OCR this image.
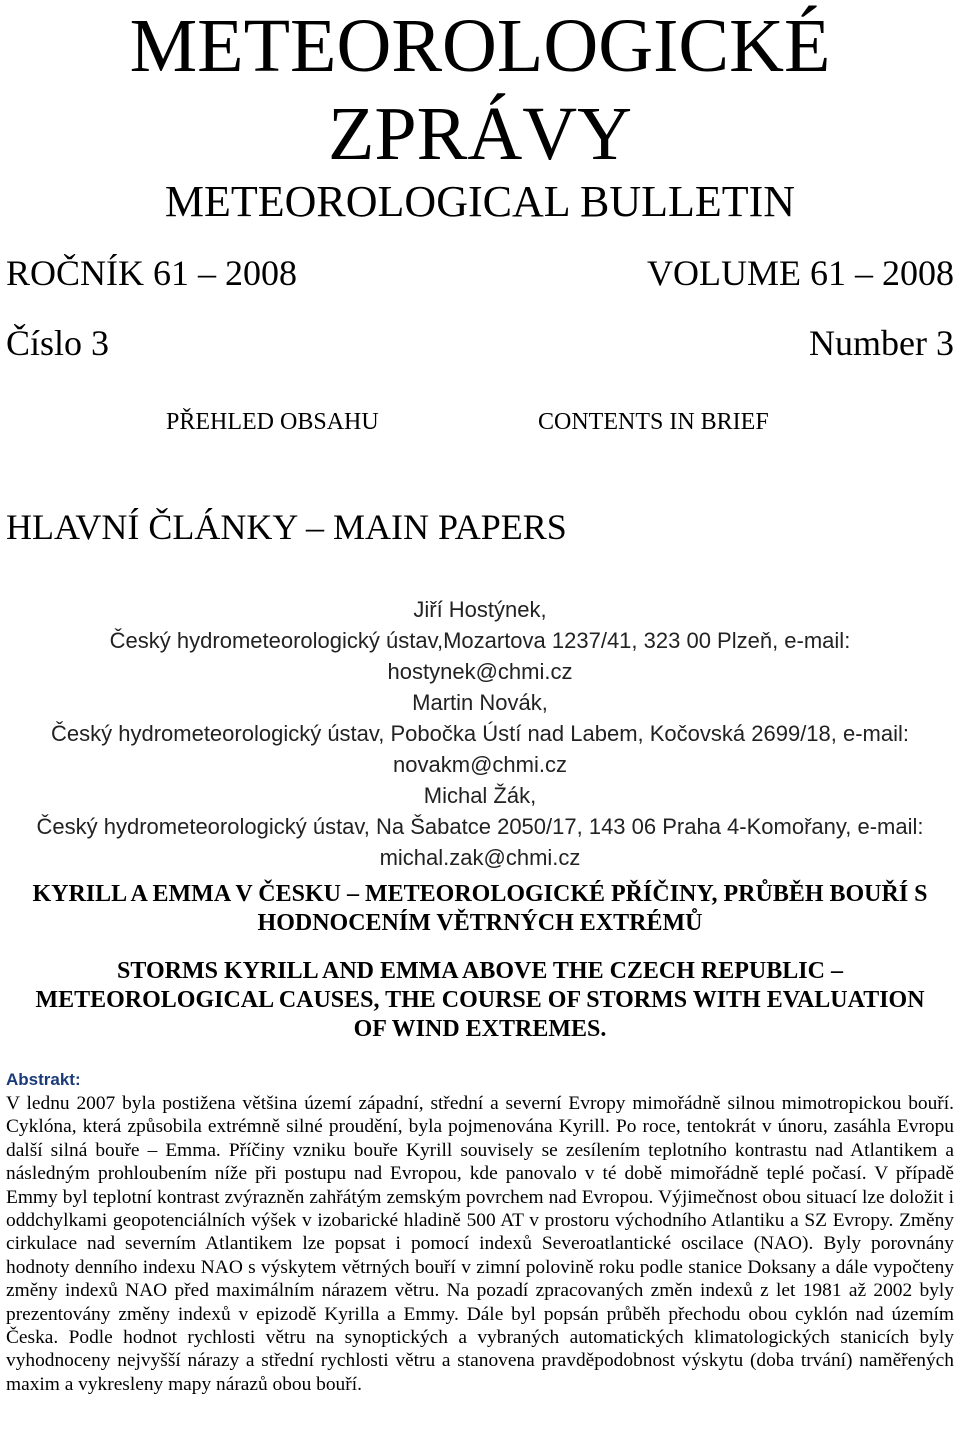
METEOROLOGICKÉ
ZPRÁVY
METEOROLOGICAL BULLETIN
ROČNÍK 61 – 2008	VOLUME 61 – 2008
Číslo 3	Number 3
PŘEHLED OBSAHU	CONTENTS IN BRIEF
HLAVNÍ ČLÁNKY – MAIN PAPERS
Jiří Hostýnek,
Český hydrometeorologický ústav,Mozartova 1237/41, 323 00 Plzeň, e-mail:
hostynek@chmi.cz
Martin Novák,
Český hydrometeorologický ústav, Pobočka Ústí nad Labem, Kočovská 2699/18, e-mail:
novakm@chmi.cz
Michal Žák,
Český hydrometeorologický ústav, Na Šabatce 2050/17, 143 06 Praha 4-Komořany, e-mail:
michal.zak@chmi.cz
KYRILL A EMMA V ČESKU – METEOROLOGICKÉ PŘÍČINY, PRŮBĚH BOUŘÍ S
HODNOCENÍM VĚTRNÝCH EXTRÉMŮ
STORMS KYRILL AND EMMA ABOVE THE CZECH REPUBLIC –
METEOROLOGICAL CAUSES, THE COURSE OF STORMS WITH EVALUATION
OF WIND EXTREMES.
Abstrakt:

V lednu 2007 byla postižena většina území západní, střední a severní Evropy mimořádně silnou mimotropickou bouří. Cyklóna, která způsobila extrémně silné proudění, byla pojmenována Kyrill. Po roce, tentokrát v únoru, zasáhla Evropu další silná bouře – Emma. Příčiny vzniku bouře Kyrill souvisely se zesílením teplotního kontrastu nad Atlantikem a následným prohloubením níže při postupu nad Evropou, kde panovalo v té době mimořádně teplé počasí. V případě Emmy byl teplotní kontrast zvýrazněn zahřátým zemským povrchem nad Evropou. Výjimečnost obou situací lze doložit i oddchylkami geopotenciálních výšek v izobarické hladině 500 AT v prostoru východního Atlantiku a SZ Evropy. Změny cirkulace nad severním Atlantikem lze popsat i pomocí indexů Severoatlantické oscilace (NAO). Byly porovnány hodnoty denního indexu NAO s výskytem větrných bouří v zimní polovině roku podle stanice Doksany a dále vypočteny změny indexů NAO před maximálním nárazem větru. Na pozadí zpracovaných změn indexů z let 1981 až 2002 byly prezentovány změny indexů v epizodě Kyrilla a Emmy. Dále byl popsán průběh přechodu obou cyklón nad územím Česka. Podle hodnot rychlosti větru na synoptických a vybraných automatických klimatologických stanicích byly vyhodnoceny nejvyšší nárazy a střední rychlosti větru a stanovena pravděpodobnost výskytu (doba trvání) naměřených maxim a vykresleny mapy nárazů obou bouří.
